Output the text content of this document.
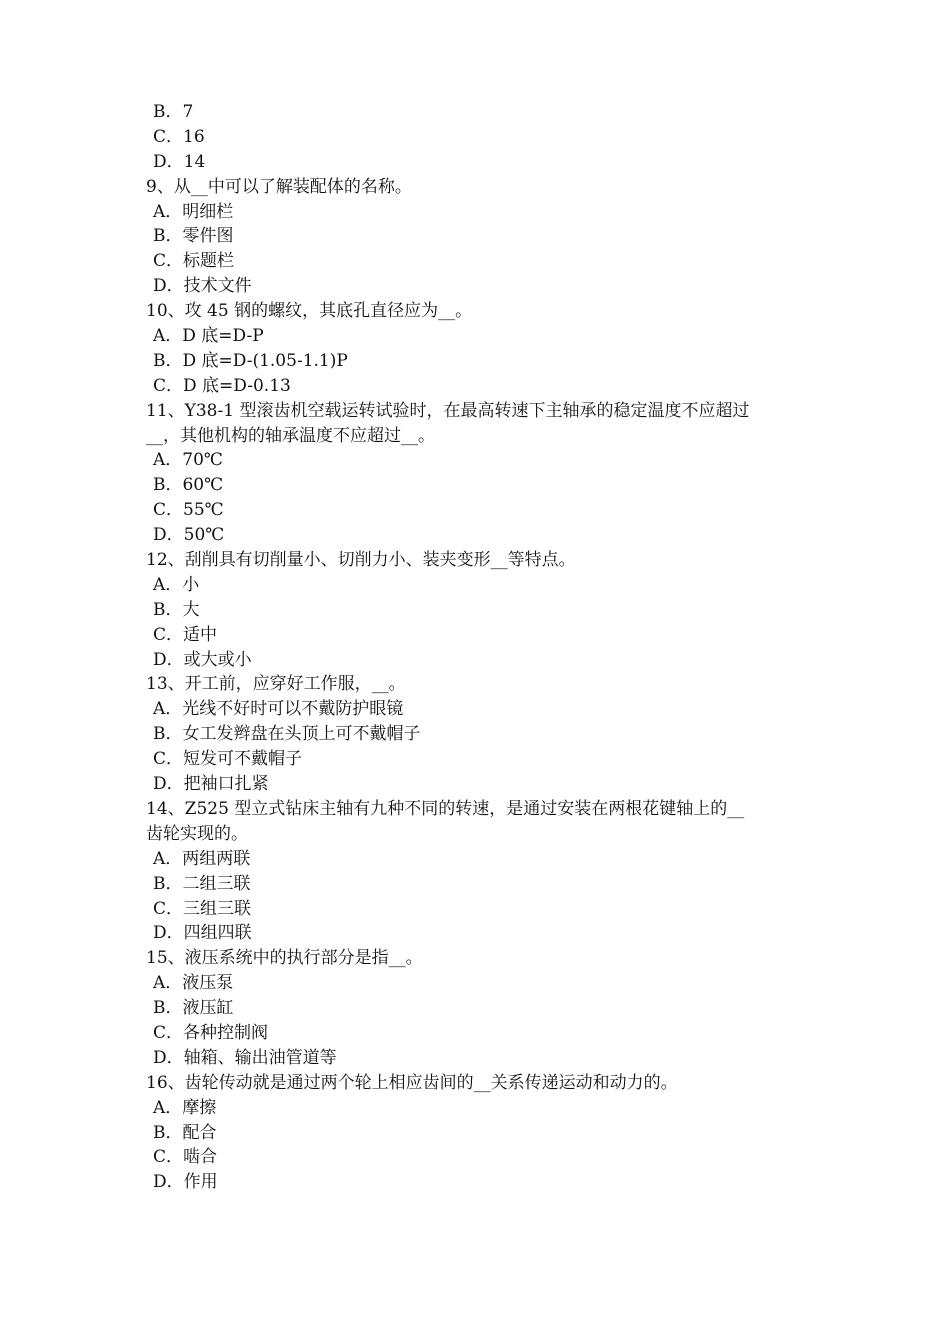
B．7
C．16
D．14
9、从__中可以了解装配体的名称。
A．明细栏
B．零件图
C．标题栏
D．技术文件
10、攻 45 钢的螺纹，其底孔直径应为__。
A．D 底=D-P
B．D 底=D-(1.05-1.1)P
C．D 底=D-0.13
11、Y38-1 型滚齿机空载运转试验时，在最高转速下主轴承的稳定温度不应超过
__，其他机构的轴承温度不应超过__。
A．70℃
B．60℃
C．55℃
D．50℃
12、刮削具有切削量小、切削力小、装夹变形__等特点。
A．小
B．大
C．适中
D．或大或小
13、开工前，应穿好工作服，__。
A．光线不好时可以不戴防护眼镜
B．女工发辫盘在头顶上可不戴帽子
C．短发可不戴帽子
D．把袖口扎紧
14、Z525 型立式钻床主轴有九种不同的转速，是通过安装在两根花键轴上的__
齿轮实现的。
A．两组两联
B．二组三联
C．三组三联
D．四组四联
15、液压系统中的执行部分是指__。
A．液压泵
B．液压缸
C．各种控制阀
D．轴箱、输出油管道等
16、齿轮传动就是通过两个轮上相应齿间的__关系传递运动和动力的。
A．摩擦
B．配合
C．啮合
D．作用
